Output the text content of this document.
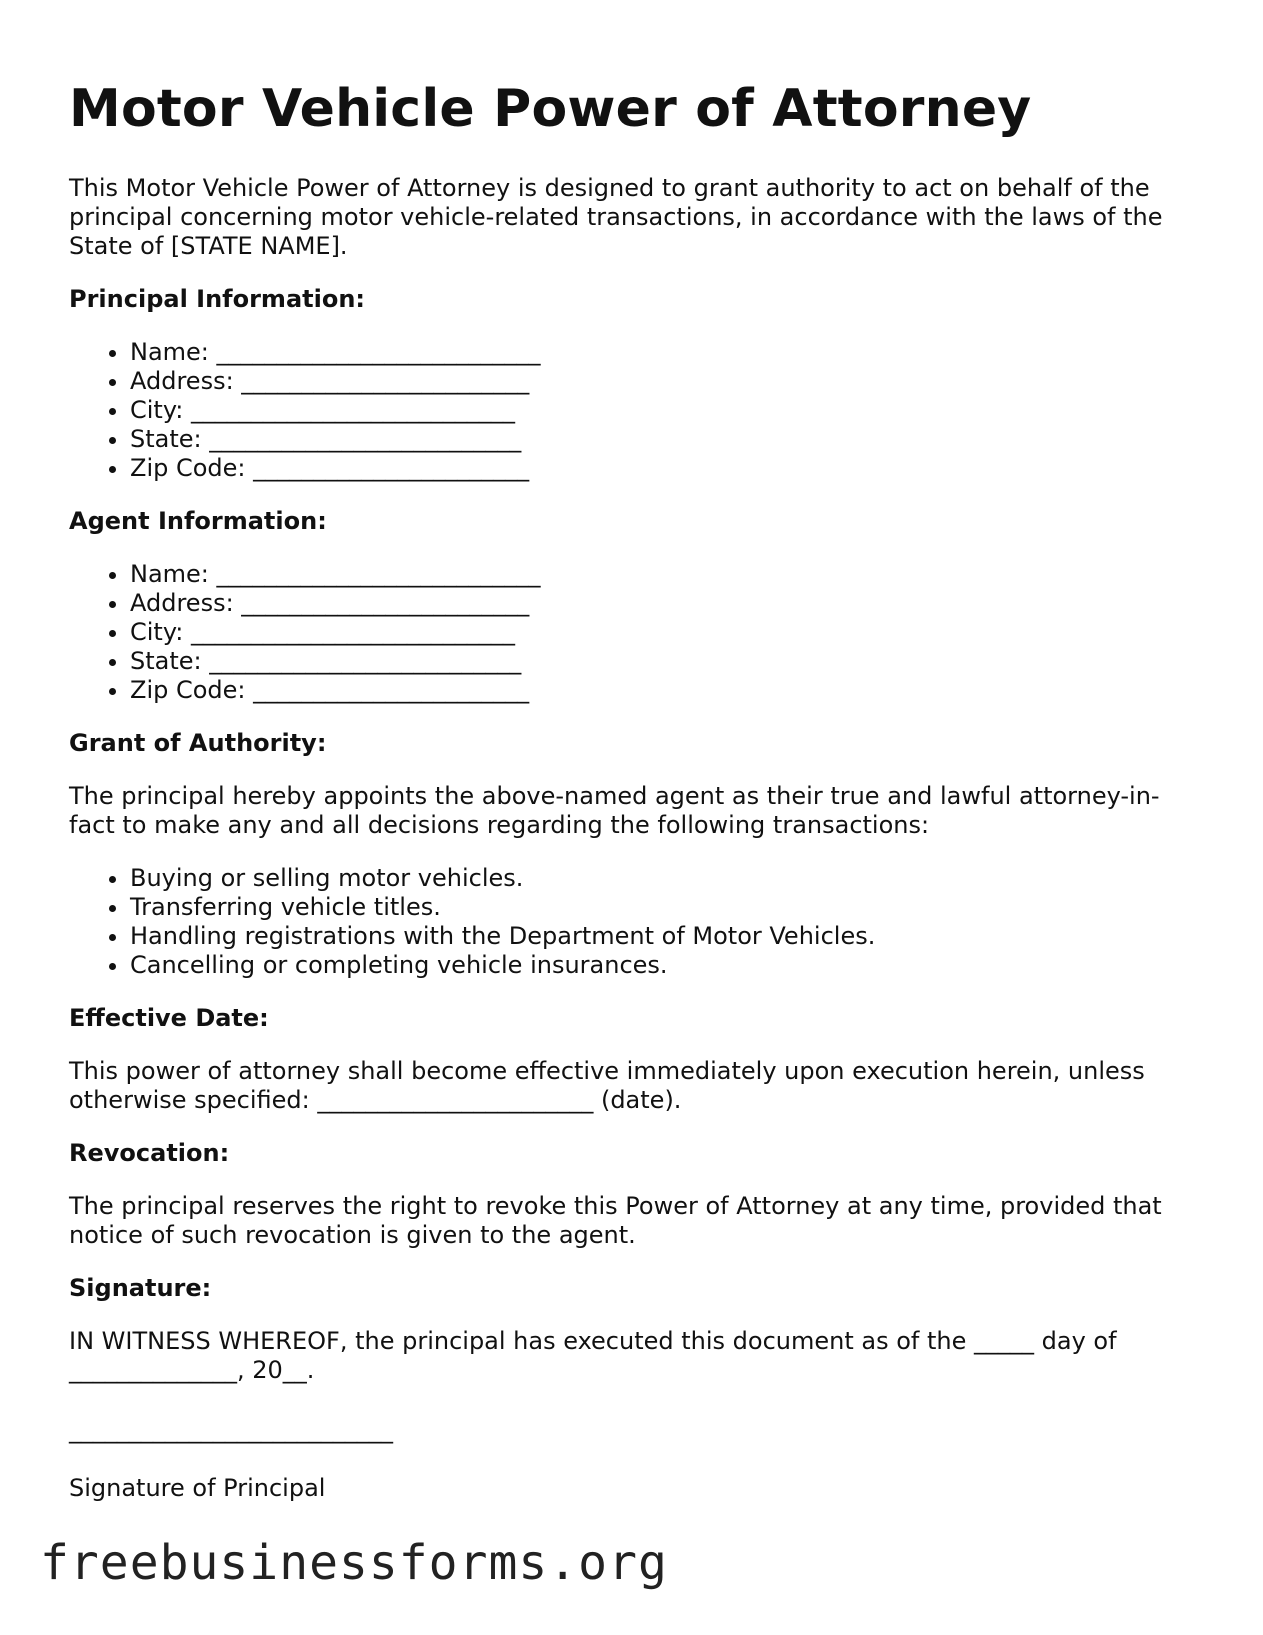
Motor Vehicle Power of Attorney

This Motor Vehicle Power of Attorney is designed to grant authority to act on behalf of the principal concerning motor vehicle-related transactions, in accordance with the laws of the State of [STATE NAME].

Principal Information:
• Name: ___________________________
• Address: ________________________
• City: ___________________________
• State: __________________________
• Zip Code: _______________________
Agent Information:
• Name: ___________________________
• Address: ________________________
• City: ___________________________
• State: __________________________
• Zip Code: _______________________
Grant of Authority:

The principal hereby appoints the above-named agent as their true and lawful attorney-in-fact to make any and all decisions regarding the following transactions:

• Buying or selling motor vehicles.
• Transferring vehicle titles.
• Handling registrations with the Department of Motor Vehicles.
• Cancelling or completing vehicle insurances.
Effective Date:

This power of attorney shall become effective immediately upon execution herein, unless otherwise specified: _______________________ (date).

Revocation:

The principal reserves the right to revoke this Power of Attorney at any time, provided that notice of such revocation is given to the agent.

Signature:

IN WITNESS WHEREOF, the principal has executed this document as of the _____ day of ______________, 20__.

___________________________

Signature of Principal

freebusinessforms.org
